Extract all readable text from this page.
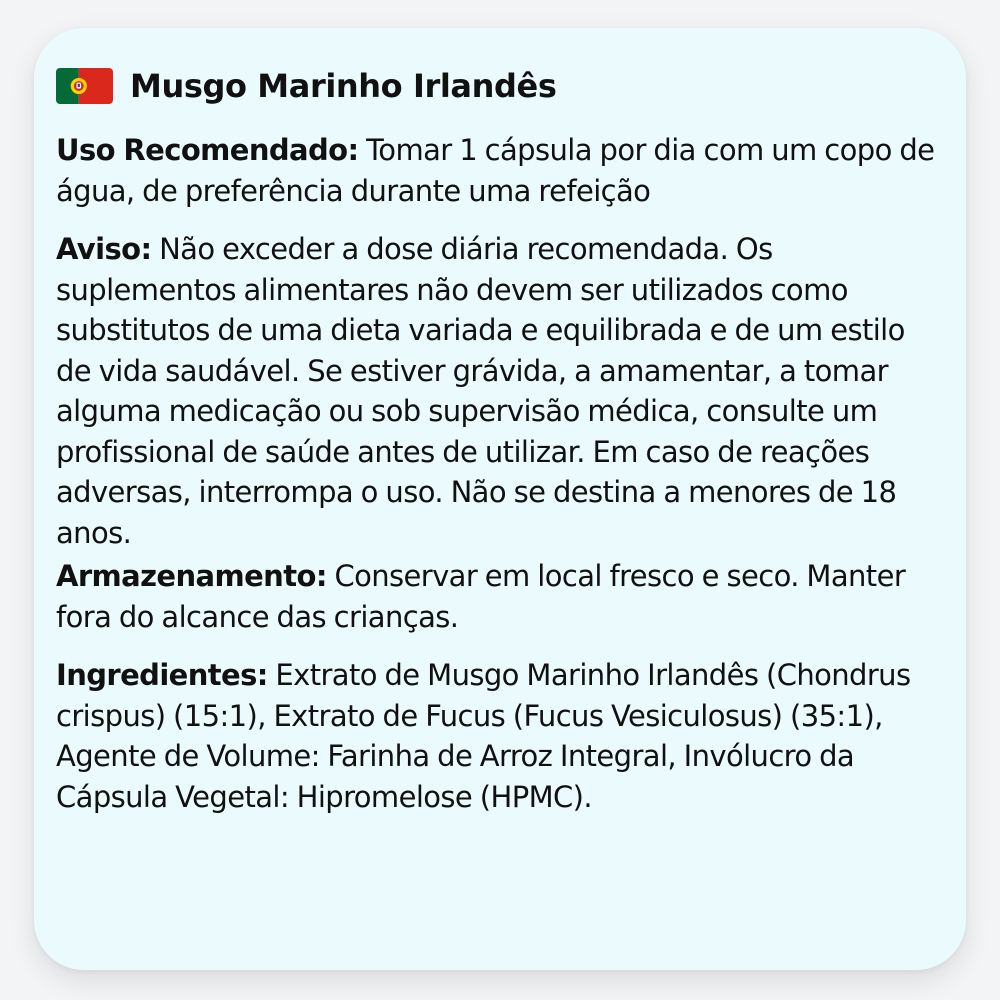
Musgo Marinho Irlandês

Uso Recomendado: Tomar 1 cápsula por dia com um copo de água, de preferência durante uma refeição

Aviso: Não exceder a dose diária recomendada. Os suplementos alimentares não devem ser utilizados como substitutos de uma dieta variada e equilibrada e de um estilo de vida saudável. Se estiver grávida, a amamentar, a tomar alguma medicação ou sob supervisão médica, consulte um profissional de saúde antes de utilizar. Em caso de reações adversas, interrompa o uso. Não se destina a menores de 18 anos.

Armazenamento: Conservar em local fresco e seco. Manter fora do alcance das crianças.

Ingredientes: Extrato de Musgo Marinho Irlandês (Chondrus crispus) (15:1), Extrato de Fucus (Fucus Vesiculosus) (35:1), Agente de Volume: Farinha de Arroz Integral, Invólucro da Cápsula Vegetal: Hipromelose (HPMC).
